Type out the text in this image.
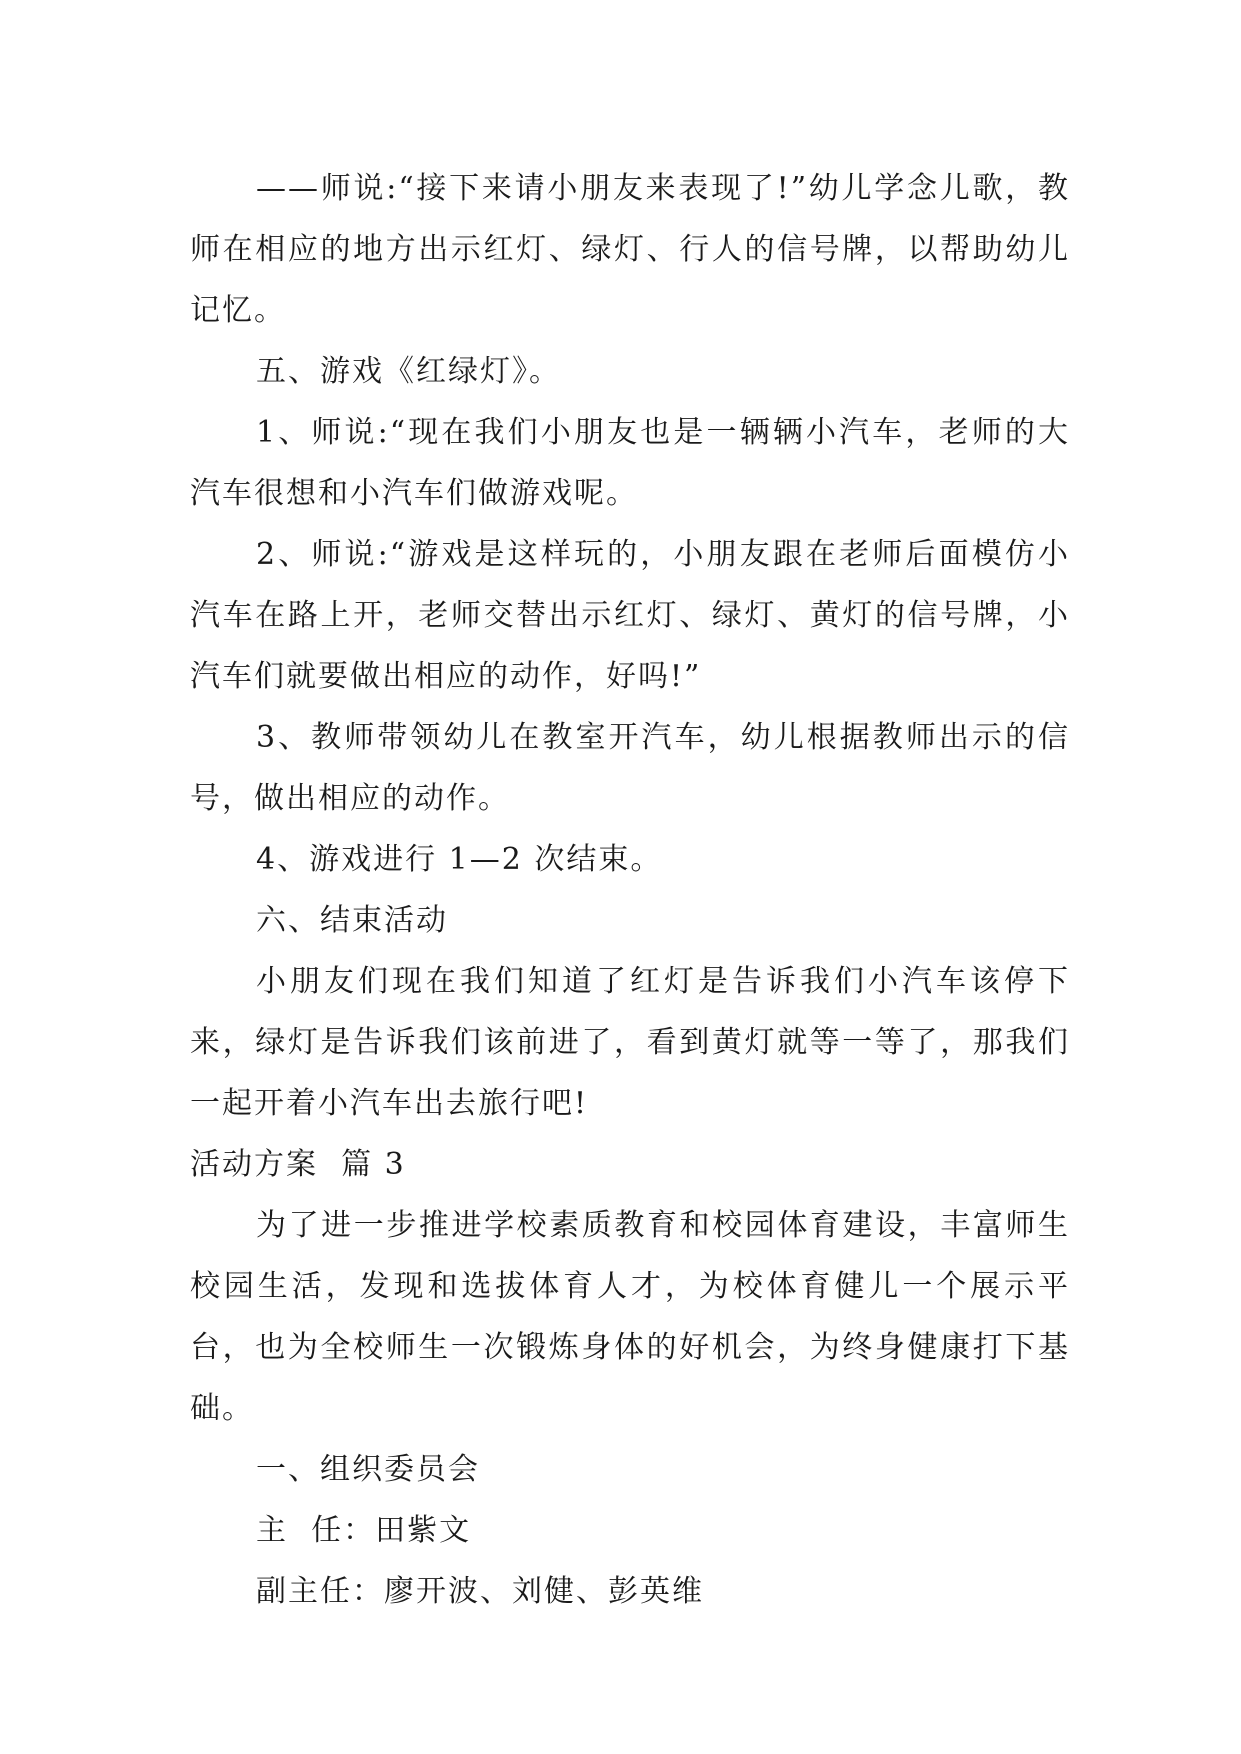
——师说:“接下来请小朋友来表现了!”幼儿学念儿歌，教师在相应的地方出示红灯、绿灯、行人的信号牌，以帮助幼儿记忆。

五、游戏《红绿灯》。

1、师说:“现在我们小朋友也是一辆辆小汽车，老师的大汽车很想和小汽车们做游戏呢。

2、师说:“游戏是这样玩的，小朋友跟在老师后面模仿小汽车在路上开，老师交替出示红灯、绿灯、黄灯的信号牌，小汽车们就要做出相应的动作，好吗!”

3、教师带领幼儿在教室开汽车，幼儿根据教师出示的信号，做出相应的动作。

4、游戏进行 1—2 次结束。

六、结束活动

小朋友们现在我们知道了红灯是告诉我们小汽车该停下来，绿灯是告诉我们该前进了，看到黄灯就等一等了，那我们一起开着小汽车出去旅行吧!

活动方案  篇 3

为了进一步推进学校素质教育和校园体育建设，丰富师生校园生活，发现和选拔体育人才，为校体育健儿一个展示平台，也为全校师生一次锻炼身体的好机会，为终身健康打下基础。

一、组织委员会

主  任：田紫文

副主任：廖开波、刘健、彭英维
